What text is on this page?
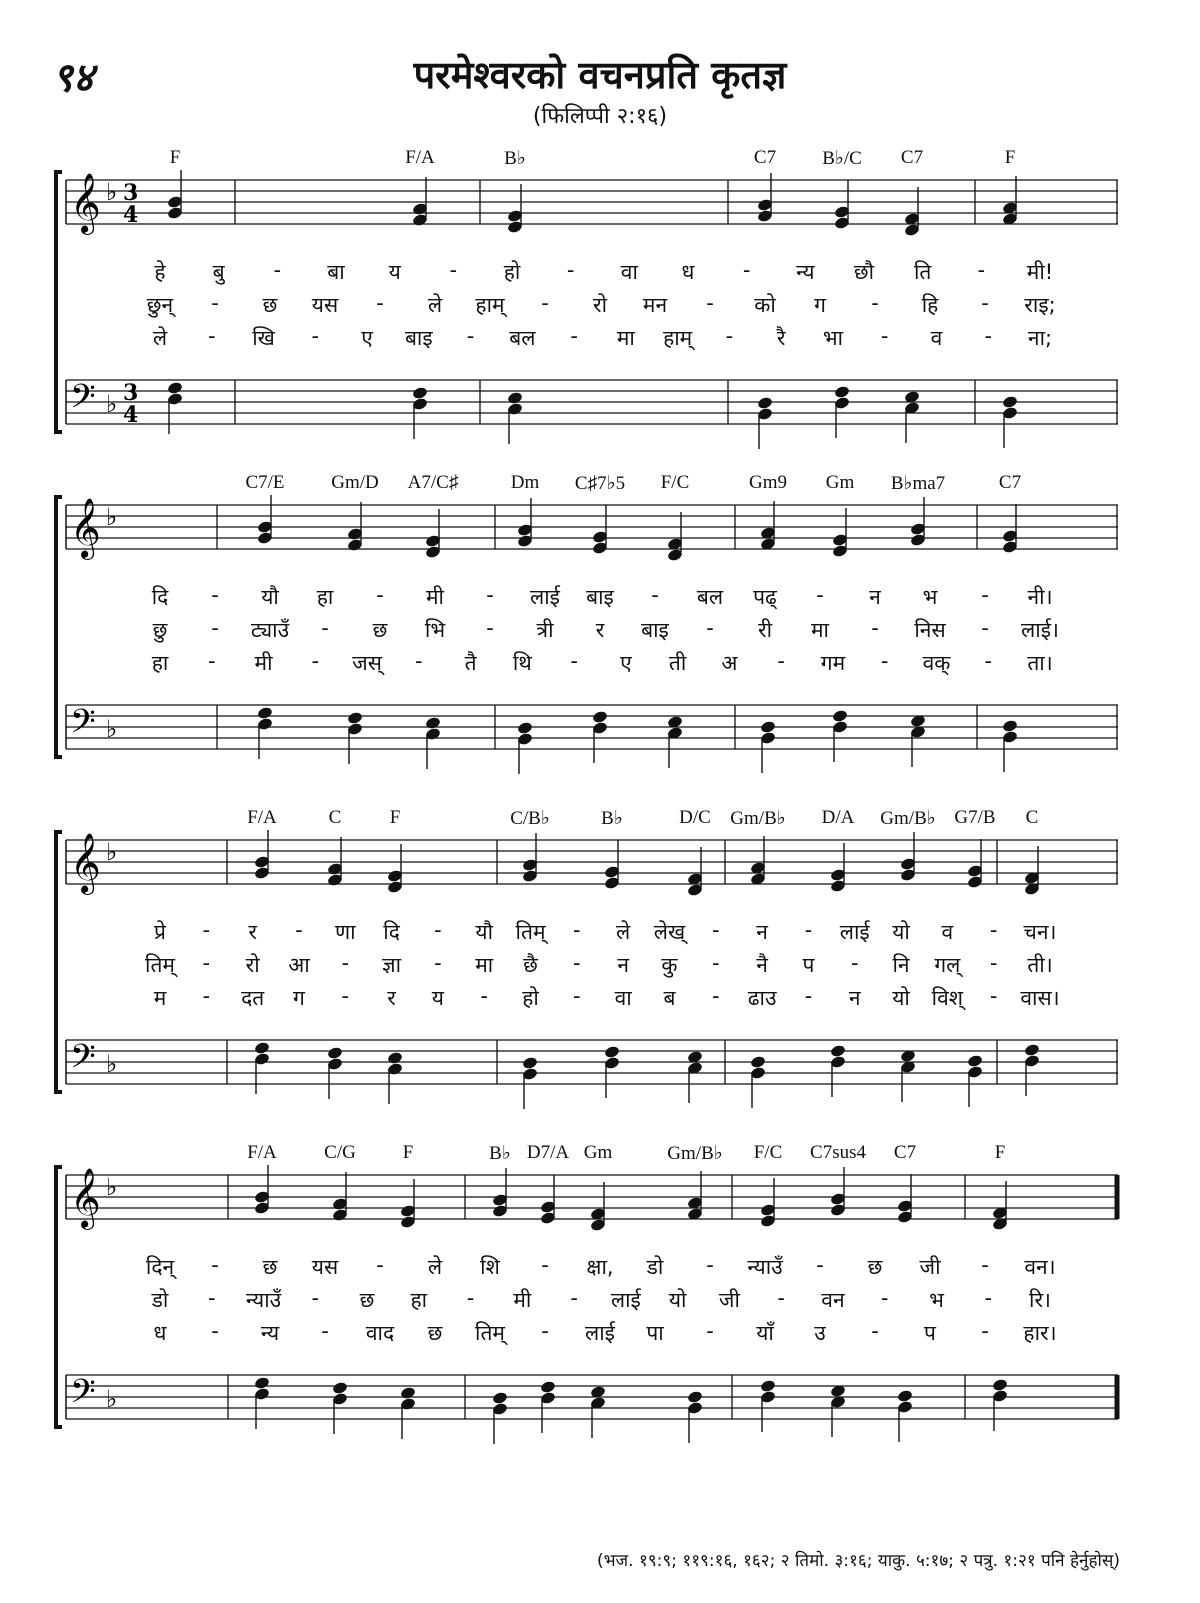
९४	परमेश्वरको वचनप्रति कृतज्ञ
(फिलिप्पी २:१६)
F	F/A	B♭	C7 B♭/C C7	F
𝄞
𝄢
♭
♭
3
4
3
4
हे बु - बा य - हो - वा ध - न्य छौ ति - मी!
छुन् - छ यस - ले हाम् - रो मन - को ग - हि - राइ;
ले - खि - ए बाइ - बल - मा हाम् - रै भा - व - ना;
C7/E Gm/D A7/C♯	Dm C♯7♭5 F/C	Gm9 Gm B♭ma7	C7
𝄞
𝄢
♭
♭
दि - यौ हा - मी - लाई बाइ - बल पढ् - न भ - नी।
छु - ट्याउँ - छ भि - त्री र बाइ - री मा - निस - लाई।
हा - मी - जस् - तै थि - ए ती अ - गम - वक् - ता।
F/A	C	F	C/B♭	B♭	D/C Gm/B♭ D/A Gm/B♭ G7/B C
𝄞
𝄢
♭
♭
प्रे - र - णा दि - यौ तिम् - ले लेख् - न - लाई यो व - चन।
तिम् - रो आ - ज्ञा - मा छै - न कु - नै प - नि गल् - ती।
म - दत ग - र य - हो - वा ब - ढाउ - न यो विश् - वास।
F/A C/G F	B♭ D7/A Gm	Gm/B♭ F/C C7sus4 C7	F
𝄞
𝄢
♭
♭
दिन् - छ यस - ले शि - क्षा, डो - न्याउँ - छ जी - वन।
डो - न्याउँ - छ हा - मी - लाई यो जी - वन - भ - रि।
ध - न्य - वाद छ तिम् - लाई पा - याँ उ - प - हार।
(भज. १९:९; ११९:१६, १६२; २ तिमो. ३:१६; याकु. ५:१७; २ पत्रु. १:२१ पनि हेर्नुहोस्)
